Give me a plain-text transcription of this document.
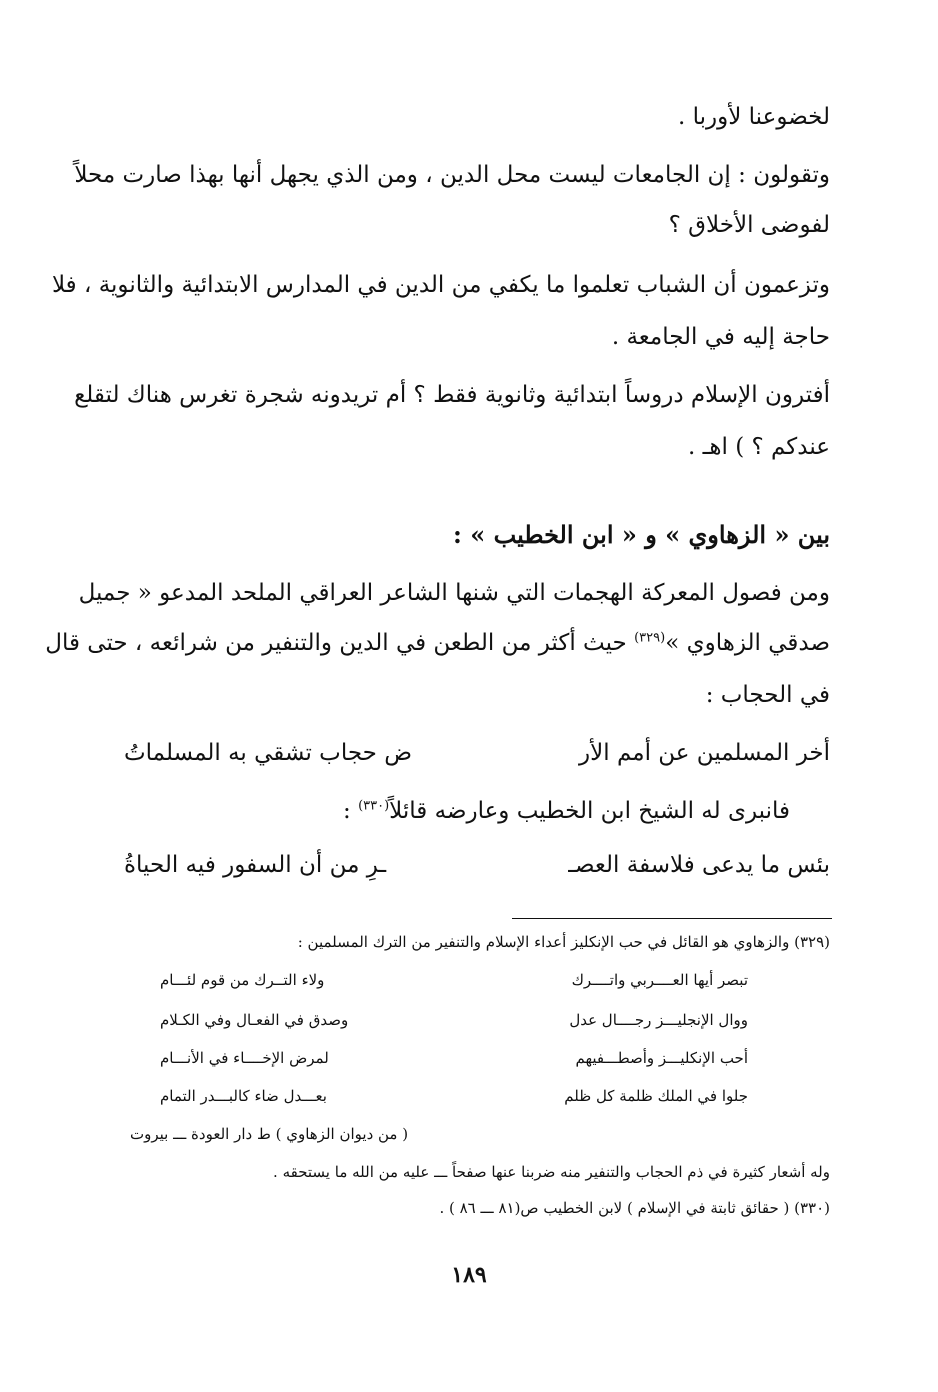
لخضوعنا لأوربا .
وتقولون : إن الجامعات ليست محل الدين ، ومن الذي يجهل أنها بهذا صارت محلاً
لفوضى الأخلاق ؟
وتزعمون أن الشباب تعلموا ما يكفي من الدين في المدارس الابتدائية والثانوية ، فلا
حاجة إليه في الجامعة .
أفترون الإسلام دروساً ابتدائية وثانوية فقط ؟ أم تريدونه شجرة تغرس هناك لتقلع
عندكم ؟ ) اهـ .
بين « الزهاوي » و « ابن الخطيب » :
ومن فصول المعركة الهجمات التي شنها الشاعر العراقي الملحد المدعو « جميل
صدقي الزهاوي »$^{(٣٢٩)}$ حيث أكثر من الطعن في الدين والتنفير من شرائعه ، حتى قال
في الحجاب :
أخر المسلمين عن أمم الأر
ض حجاب تشقي به المسلماتُ
فانبرى له الشيخ ابن الخطيب وعارضه قائلاً$^{(٣٣٠)}$ :
بئس ما يدعى فلاسفة العصـ
ـرِ من أن السفور فيه الحياةُ
(٣٢٩) والزهاوي هو القائل في حب الإنكليز أعداء الإسلام والتنفير من الترك المسلمين :
تبصر أيها العــــربي واتــــرك
ولاء التــرك من قوم لئـــام
ووال الإنجليـــز رجــــال عدل
وصدق في الفعـال وفي الكـلام
أحب الإنكليـــز وأصطـــفيهم
لمرض الإخــــاء في الأنـــام
جلوا في الملك ظلمة كل ظلم
بعـــدل ضاء كالبـــدر التمام
( من ديوان الزهاوي ) ط دار العودة ـــ بيروت
وله أشعار كثيرة في ذم الحجاب والتنفير منه ضربنا عنها صفحاً ـــ عليه من الله ما يستحقه .
(٣٣٠) ( حقائق ثابتة في الإسلام ) لابن الخطيب ص(٨١ ـــ ٨٦ ) .
١٨٩
